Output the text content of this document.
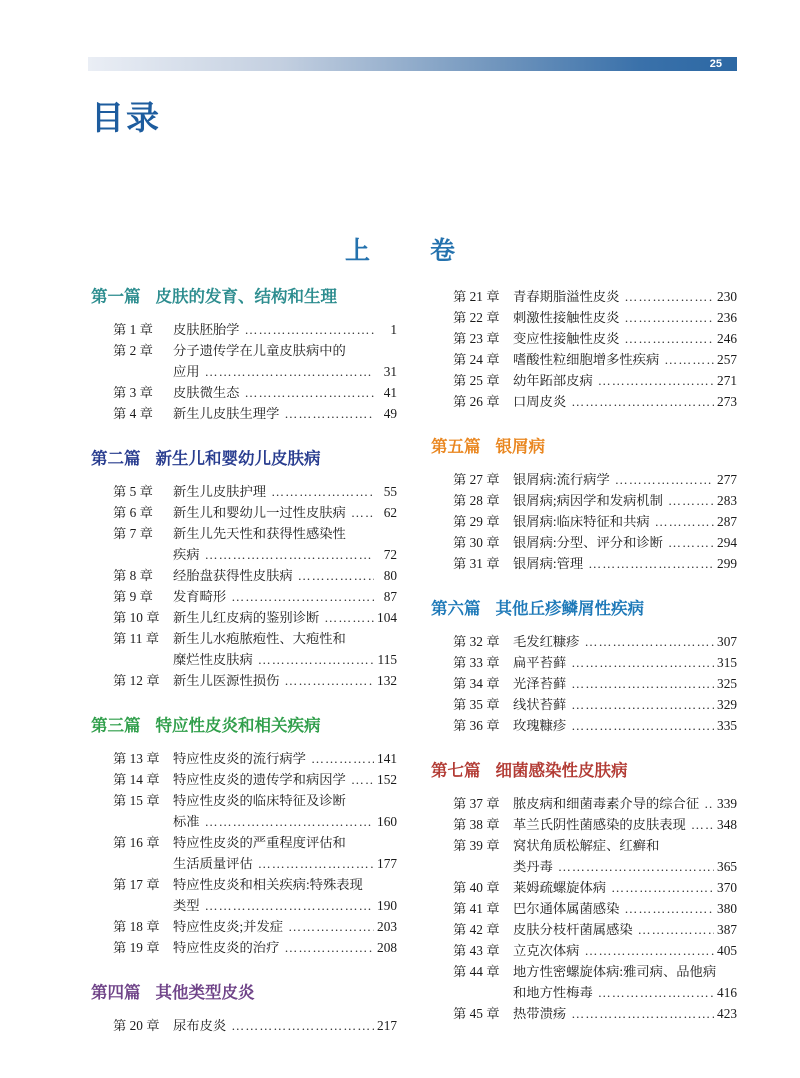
25
目录
上卷
第一篇 皮肤的发育、结构和生理
第 1 章	皮肤胚胎学 …………………………………………………………………………………………	1
第 2 章	分子遗传学在儿童皮肤病中的
应用 …………………………………………………………………………………………	31
第 3 章	皮肤微生态 …………………………………………………………………………………………	41
第 4 章	新生儿皮肤生理学 …………………………………………………………………………………………	49
第二篇 新生儿和婴幼儿皮肤病
第 5 章	新生儿皮肤护理 …………………………………………………………………………………………	55
第 6 章	新生儿和婴幼儿一过性皮肤病 …………………………………………………………………………………………	62
第 7 章	新生儿先天性和获得性感染性
疾病 …………………………………………………………………………………………	72
第 8 章	经胎盘获得性皮肤病 …………………………………………………………………………………………	80
第 9 章	发育畸形 …………………………………………………………………………………………	87
第 10 章	新生儿红皮病的鉴别诊断 …………………………………………………………………………………………	104
第 11 章	新生儿水疱脓疱性、大疱性和
糜烂性皮肤病 …………………………………………………………………………………………	115
第 12 章	新生儿医源性损伤 …………………………………………………………………………………………	132
第三篇 特应性皮炎和相关疾病
第 13 章	特应性皮炎的流行病学 …………………………………………………………………………………………	141
第 14 章	特应性皮炎的遗传学和病因学 ………………………………………………………………………………………… 152
第 15 章	特应性皮炎的临床特征及诊断
标准 …………………………………………………………………………………………	160
第 16 章	特应性皮炎的严重程度评估和
生活质量评估 …………………………………………………………………………………………	177
第 17 章	特应性皮炎和相关疾病:特殊表现
类型 …………………………………………………………………………………………	190
第 18 章	特应性皮炎;并发症 …………………………………………………………………………………………	203
第 19 章	特应性皮炎的治疗 …………………………………………………………………………………………	208
第四篇 其他类型皮炎
第 20 章	尿布皮炎 …………………………………………………………………………………………	217
第 21 章	青春期脂溢性皮炎 …………………………………………………………………………………………	230
第 22 章	刺激性接触性皮炎 …………………………………………………………………………………………	236
第 23 章	变应性接触性皮炎 …………………………………………………………………………………………	246
第 24 章	嗜酸性粒细胞增多性疾病 …………………………………………………………………………………………	257
第 25 章	幼年跖部皮病 …………………………………………………………………………………………	271
第 26 章	口周皮炎 …………………………………………………………………………………………	273
第五篇 银屑病
第 27 章	银屑病:流行病学 …………………………………………………………………………………………	277
第 28 章	银屑病;病因学和发病机制 …………………………………………………………………………………………	283
第 29 章	银屑病:临床特征和共病 …………………………………………………………………………………………	287
第 30 章	银屑病:分型、评分和诊断 …………………………………………………………………………………………	294
第 31 章	银屑病:管理 …………………………………………………………………………………………	299
第六篇 其他丘疹鳞屑性疾病
第 32 章	毛发红糠疹 …………………………………………………………………………………………	307
第 33 章	扁平苔藓 …………………………………………………………………………………………	315
第 34 章	光泽苔藓 …………………………………………………………………………………………	325
第 35 章	线状苔藓 …………………………………………………………………………………………	329
第 36 章	玫瑰糠疹 …………………………………………………………………………………………	335
第七篇 细菌感染性皮肤病
第 37 章	脓皮病和细菌毒素介导的综合征 ………………………………………………………………………………………… 339
第 38 章	革兰氏阴性菌感染的皮肤表现 ………………………………………………………………………………………… 348
第 39 章	窝状角质松解症、红癣和
类丹毒 …………………………………………………………………………………………	365
第 40 章	莱姆疏螺旋体病 …………………………………………………………………………………………	370
第 41 章	巴尔通体属菌感染 …………………………………………………………………………………………	380
第 42 章	皮肤分枝杆菌属感染 …………………………………………………………………………………………	387
第 43 章	立克次体病 …………………………………………………………………………………………	405
第 44 章	地方性密螺旋体病:雅司病、品他病
和地方性梅毒 …………………………………………………………………………………………	416
第 45 章	热带溃疡 …………………………………………………………………………………………	423
